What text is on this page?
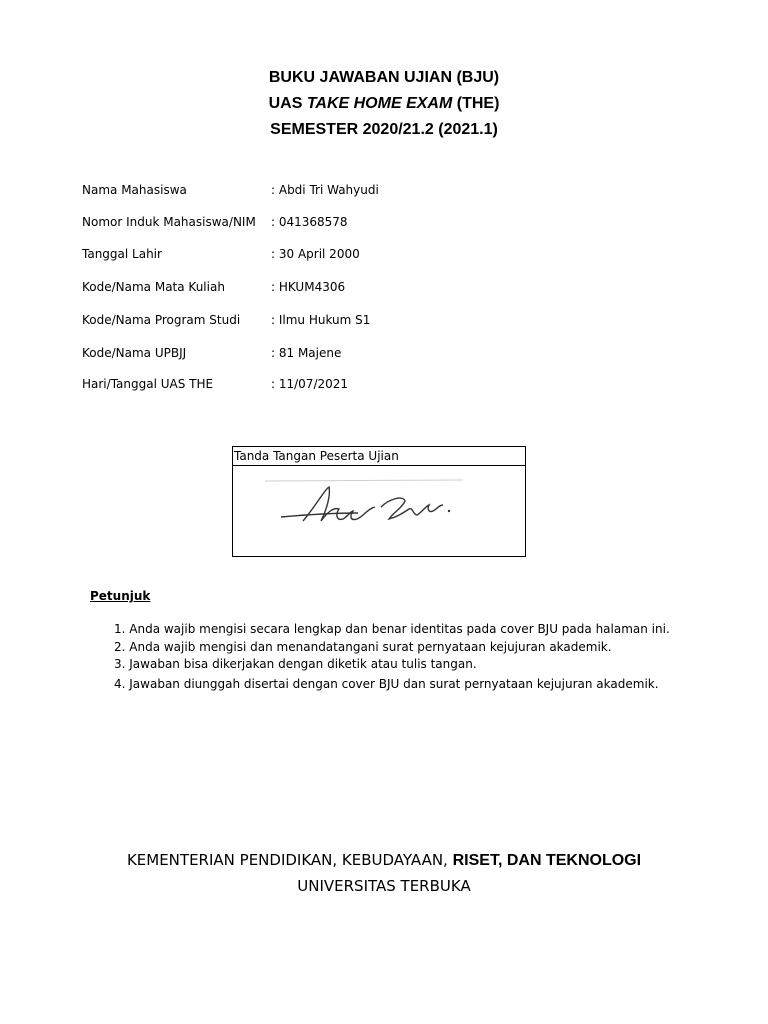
BUKU JAWABAN UJIAN (BJU)
UAS TAKE HOME EXAM (THE)
SEMESTER 2020/21.2 (2021.1)
Nama Mahasiswa	: Abdi Tri Wahyudi
Nomor Induk Mahasiswa/NIM : 041368578
Tanggal Lahir	: 30 April 2000
Kode/Nama Mata Kuliah	: HKUM4306
Kode/Nama Program Studi	: Ilmu Hukum S1
Kode/Nama UPBJJ	: 81 Majene
Hari/Tanggal UAS THE	: 11/07/2021
Tanda Tangan Peserta Ujian
Petunjuk
1. Anda wajib mengisi secara lengkap dan benar identitas pada cover BJU pada halaman ini.
2. Anda wajib mengisi dan menandatangani surat pernyataan kejujuran akademik.
3. Jawaban bisa dikerjakan dengan diketik atau tulis tangan.
4. Jawaban diunggah disertai dengan cover BJU dan surat pernyataan kejujuran akademik.
KEMENTERIAN PENDIDIKAN, KEBUDAYAAN, RISET, DAN TEKNOLOGI
UNIVERSITAS TERBUKA
